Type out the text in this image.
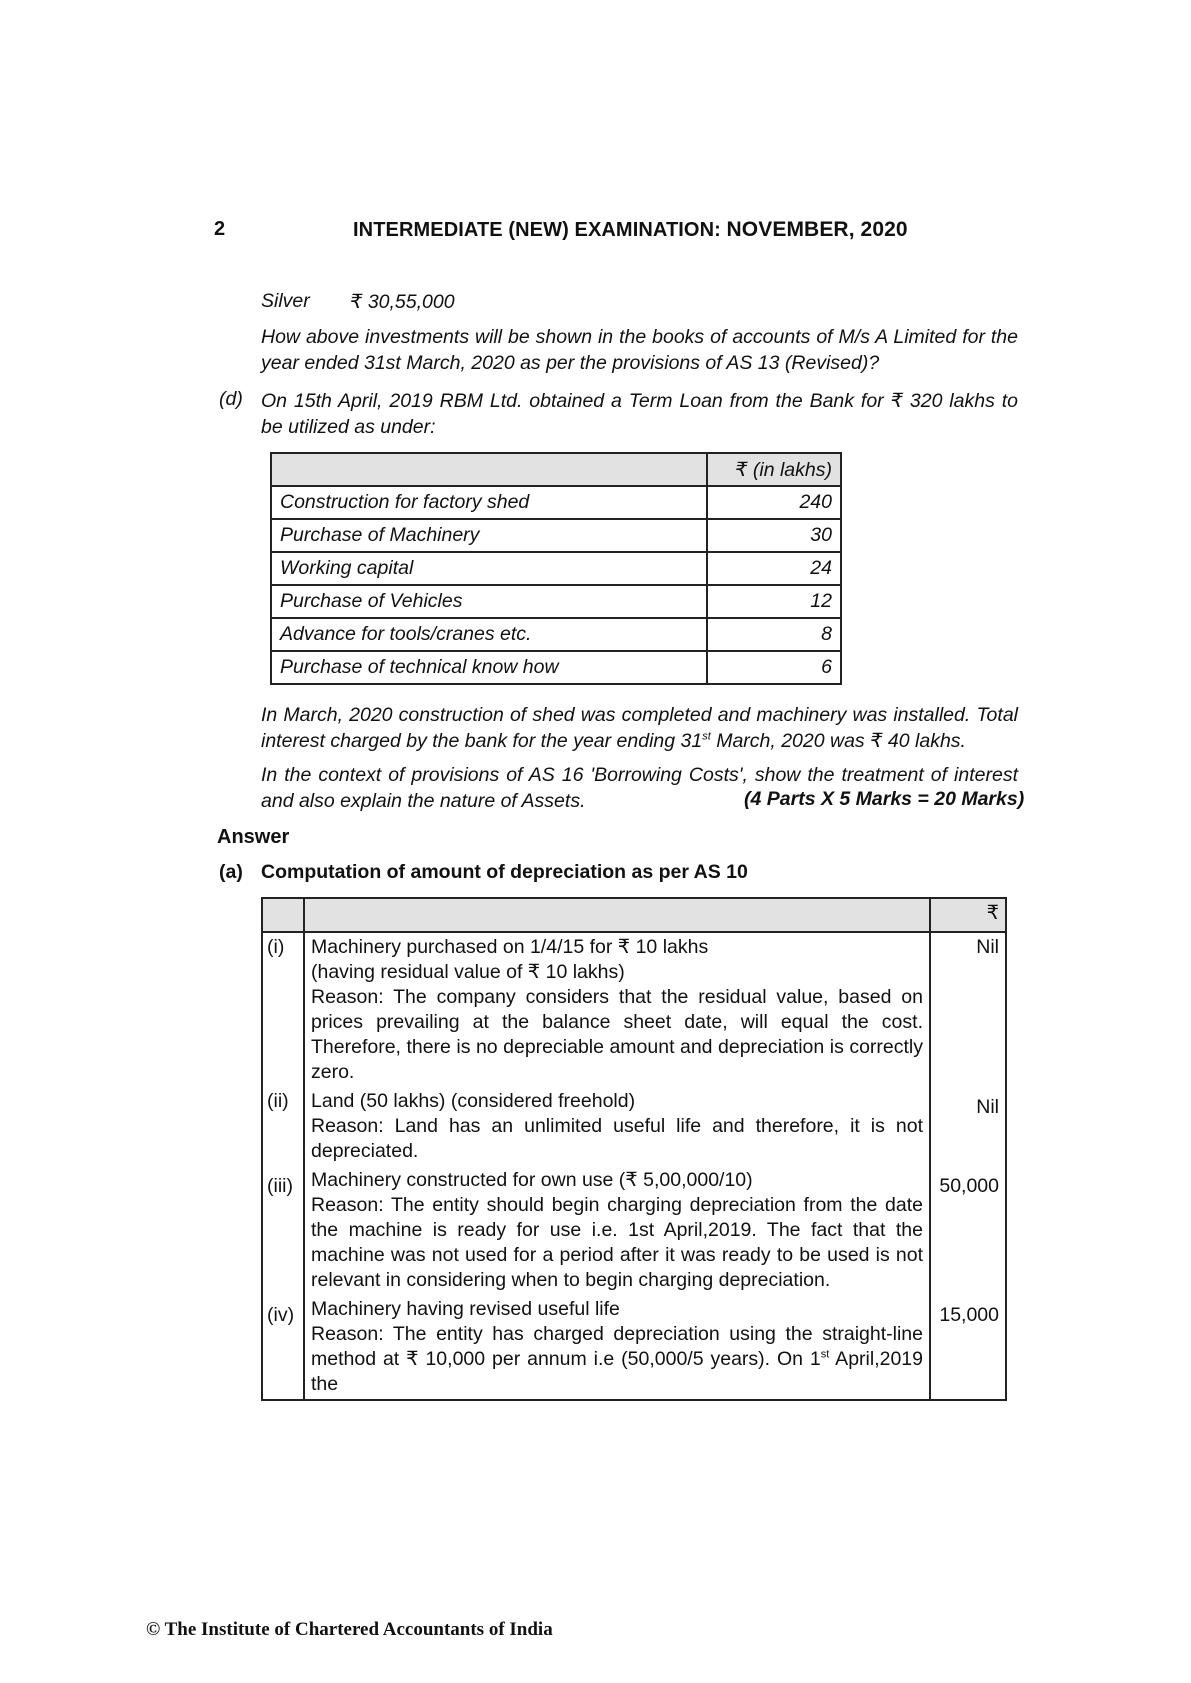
2	INTERMEDIATE (NEW) EXAMINATION: NOVEMBER, 2020
Silver ₹ 30,55,000

How above investments will be shown in the books of accounts of M/s A Limited for the year ended 31st March, 2020 as per the provisions of AS 13 (Revised)?

(d) On 15th April, 2019 RBM Ltd. obtained a Term Loan from the Bank for ₹ 320 lakhs to be utilized as under:

	₹ (in lakhs)
Construction for factory shed	240
Purchase of Machinery	30
Working capital	24
Purchase of Vehicles	12
Advance for tools/cranes etc.	8
Purchase of technical know how	6

In March, 2020 construction of shed was completed and machinery was installed. Total interest charged by the bank for the year ending 31st March, 2020 was ₹ 40 lakhs.

In the context of provisions of AS 16 'Borrowing Costs', show the treatment of interest and also explain the nature of Assets.	(4 Parts X 5 Marks = 20 Marks)
Answer
(a) Computation of amount of depreciation as per AS 10
		₹
(i)	Machinery purchased on 1/4/15 for ₹ 10 lakhs
(having residual value of ₹ 10 lakhs)
Reason: The company considers that the residual value, based on prices prevailing at the balance sheet date, will equal the cost. Therefore, there is no depreciable amount and depreciation is correctly zero.	Nil
(ii)	Land (50 lakhs) (considered freehold)
Reason: Land has an unlimited useful life and therefore, it is not depreciated.	Nil

(iii)	Machinery constructed for own use (₹ 5,00,000/10)
Reason: The entity should begin charging depreciation from the date the machine is ready for use i.e. 1st April,2019. The fact that the machine was not used for a period after it was ready to be used is not relevant in considering when to begin charging depreciation.	50,000

(iv)	Machinery having revised useful life
Reason: The entity has charged depreciation using the straight-line method at ₹ 10,000 per annum i.e (50,000/5 years). On 1st April,2019 the	15,000
© The Institute of Chartered Accountants of India
